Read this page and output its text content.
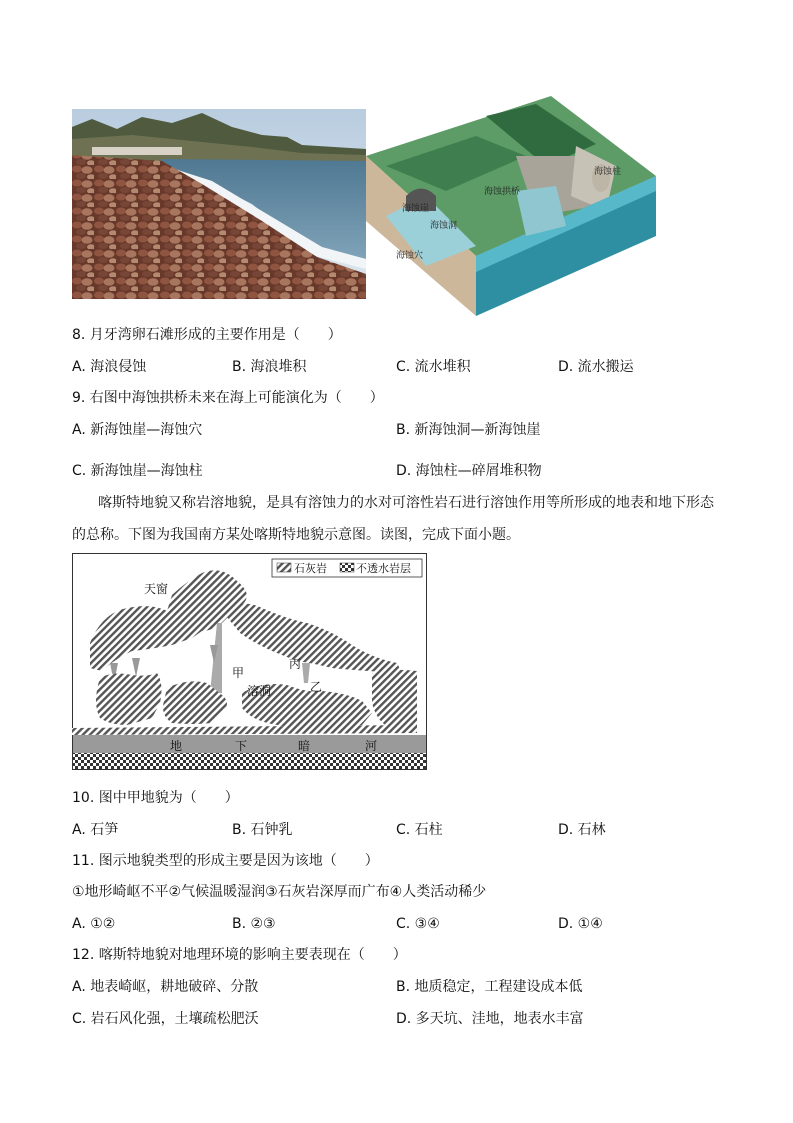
海蚀柱
海蚀拱桥
海蚀崖
海蚀洞
海蚀穴
8. 月牙湾卵石滩形成的主要作用是（　　）
A. 海浪侵蚀	B. 海浪堆积	C. 流水堆积	D. 流水搬运
9. 右图中海蚀拱桥未来在海上可能演化为（　　）
A. 新海蚀崖—海蚀穴	B. 新海蚀洞—新海蚀崖
C. 新海蚀崖—海蚀柱	D. 海蚀柱—碎屑堆积物
喀斯特地貌又称岩溶地貌，是具有溶蚀力的水对可溶性岩石进行溶蚀作用等所形成的地表和地下形态
的总称。下图为我国南方某处喀斯特地貌示意图。读图，完成下面小题。
石灰岩	不透水岩层
天窗
甲
丙
乙
溶洞
地	下	暗	河
10. 图中甲地貌为（　　）
A. 石笋	B. 石钟乳	C. 石柱	D. 石林
11. 图示地貌类型的形成主要是因为该地（　　）
①地形崎岖不平②气候温暖湿润③石灰岩深厚而广布④人类活动稀少
A. ①②	B. ②③	C. ③④	D. ①④
12. 喀斯特地貌对地理环境的影响主要表现在（　　）
A. 地表崎岖，耕地破碎、分散	B. 地质稳定，工程建设成本低
C. 岩石风化强，土壤疏松肥沃	D. 多天坑、洼地，地表水丰富
